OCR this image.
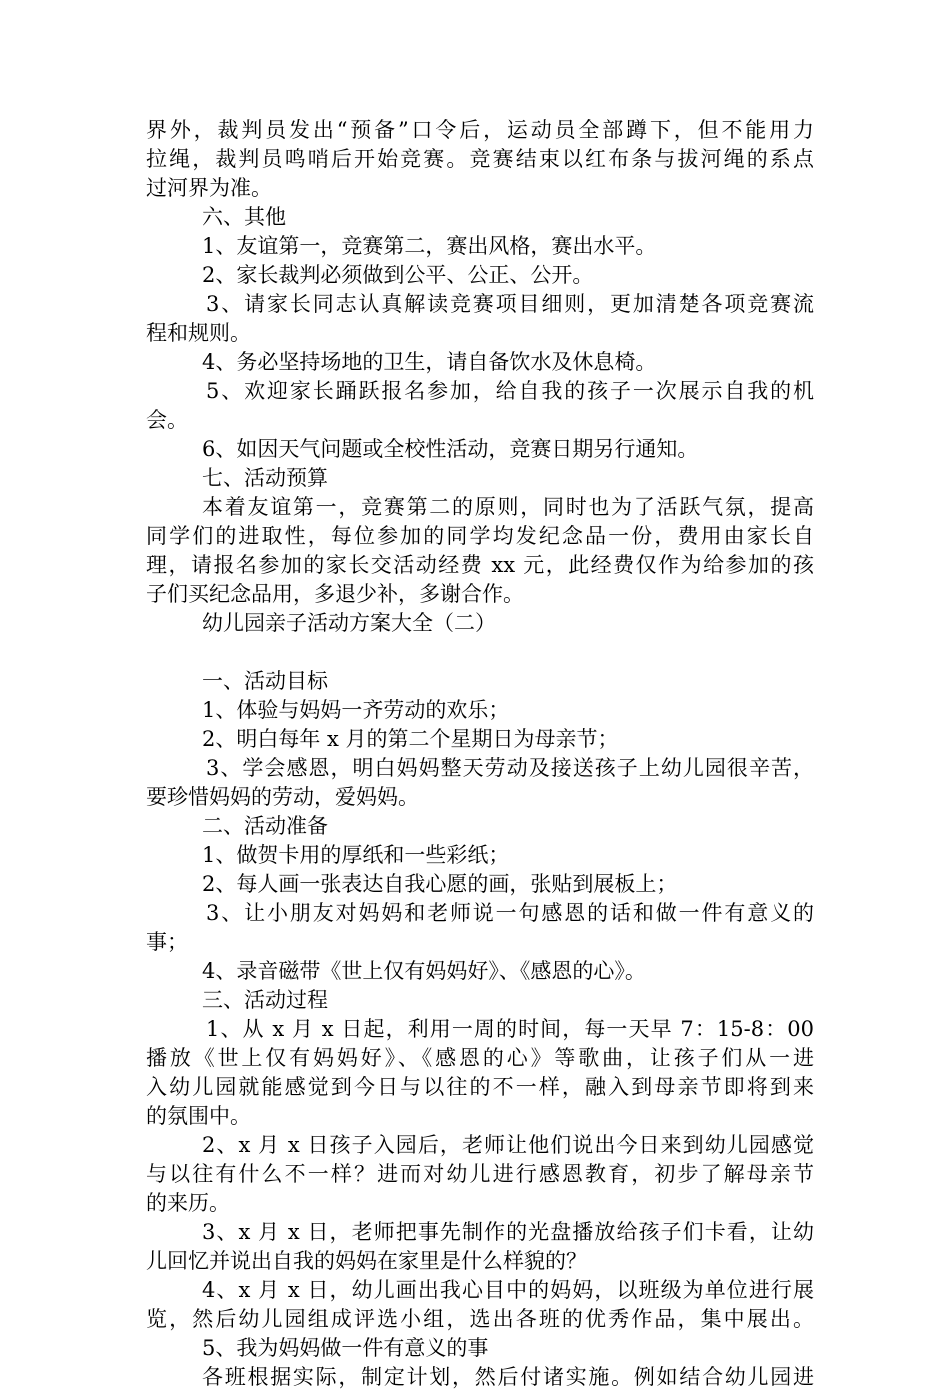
界外，裁判员发出“预备”口令后，运动员全部蹲下，但不能用力
拉绳，裁判员鸣哨后开始竞赛。竞赛结束以红布条与拔河绳的系点
过河界为准。
六、其他
1、友谊第一，竞赛第二，赛出风格，赛出水平。
2、家长裁判必须做到公平、公正、公开。
3、请家长同志认真解读竞赛项目细则，更加清楚各项竞赛流
程和规则。
4、务必坚持场地的卫生，请自备饮水及休息椅。
5、欢迎家长踊跃报名参加，给自我的孩子一次展示自我的机
会。
6、如因天气问题或全校性活动，竞赛日期另行通知。
七、活动预算
本着友谊第一，竞赛第二的原则，同时也为了活跃气氛，提高
同学们的进取性，每位参加的同学均发纪念品一份，费用由家长自
理，请报名参加的家长交活动经费 xx 元，此经费仅作为给参加的孩
子们买纪念品用，多退少补，多谢合作。
幼儿园亲子活动方案大全（二）
一、活动目标
1、体验与妈妈一齐劳动的欢乐；
2、明白每年 x 月的第二个星期日为母亲节；
3、学会感恩，明白妈妈整天劳动及接送孩子上幼儿园很辛苦，
要珍惜妈妈的劳动，爱妈妈。
二、活动准备
1、做贺卡用的厚纸和一些彩纸；
2、每人画一张表达自我心愿的画，张贴到展板上；
3、让小朋友对妈妈和老师说一句感恩的话和做一件有意义的
事；
4、录音磁带《世上仅有妈妈好》、《感恩的心》。
三、活动过程
1、从 x 月 x 日起，利用一周的时间，每一天早 7：15-8：00
播放《世上仅有妈妈好》、《感恩的心》等歌曲，让孩子们从一进
入幼儿园就能感觉到今日与以往的不一样，融入到母亲节即将到来
的氛围中。
2、x 月 x 日孩子入园后，老师让他们说出今日来到幼儿园感觉
与以往有什么不一样？进而对幼儿进行感恩教育，初步了解母亲节
的来历。
3、x 月 x 日，老师把事先制作的光盘播放给孩子们卡看，让幼
儿回忆并说出自我的妈妈在家里是什么样貌的？
4、x 月 x 日，幼儿画出我心目中的妈妈，以班级为单位进行展
览，然后幼儿园组成评选小组，选出各班的优秀作品，集中展出。
5、我为妈妈做一件有意义的事
各班根据实际，制定计划，然后付诸实施。例如结合幼儿园进
